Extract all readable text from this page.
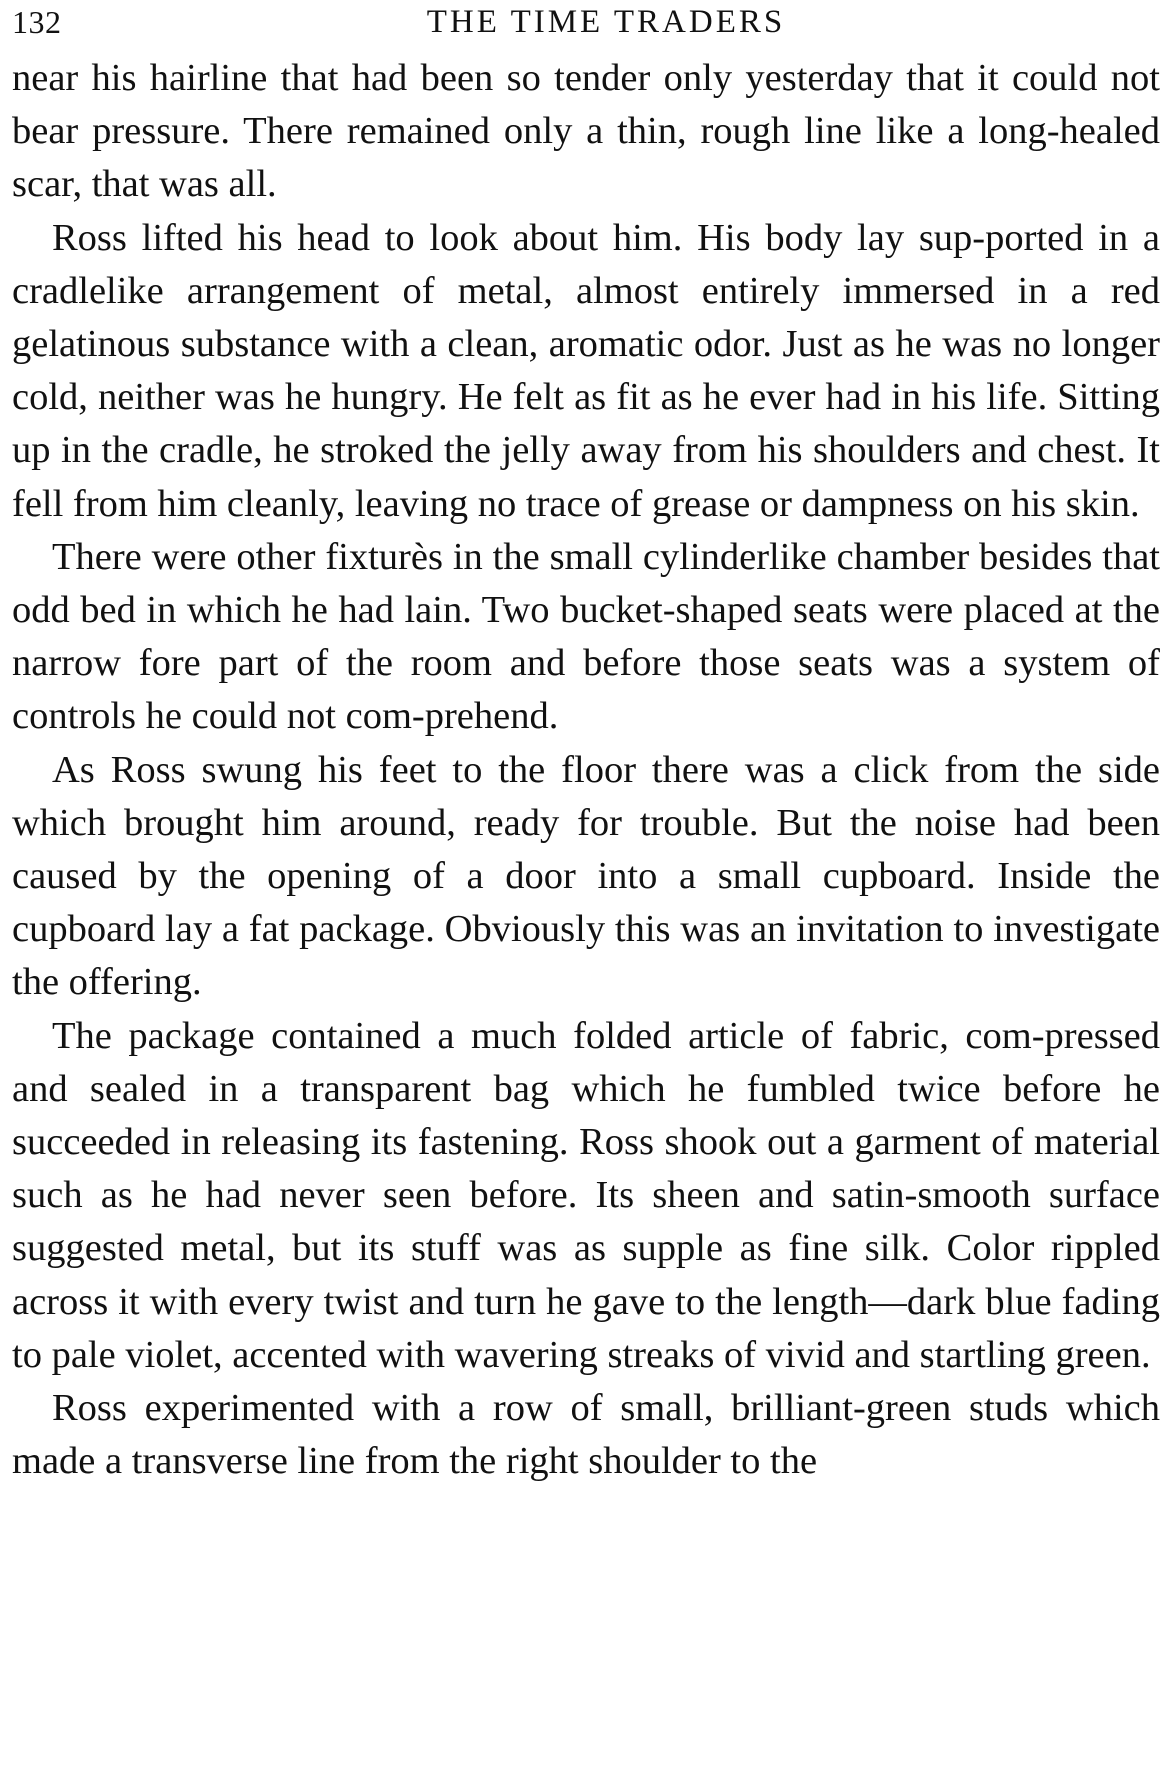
132	THE TIME TRADERS

near his hairline that had been so tender only yesterday that it could not bear pressure. There remained only a thin, rough line like a long-healed scar, that was all.

Ross lifted his head to look about him. His body lay sup-ported in a cradlelike arrangement of metal, almost entirely immersed in a red gelatinous substance with a clean, aromatic odor. Just as he was no longer cold, neither was he hungry. He felt as fit as he ever had in his life. Sitting up in the cradle, he stroked the jelly away from his shoulders and chest. It fell from him cleanly, leaving no trace of grease or dampness on his skin.

There were other fixturès in the small cylinderlike chamber besides that odd bed in which he had lain. Two bucket-shaped seats were placed at the narrow fore part of the room and before those seats was a system of controls he could not com-prehend.

As Ross swung his feet to the floor there was a click from the side which brought him around, ready for trouble. But the noise had been caused by the opening of a door into a small cupboard. Inside the cupboard lay a fat package. Obviously this was an invitation to investigate the offering.

The package contained a much folded article of fabric, com-pressed and sealed in a transparent bag which he fumbled twice before he succeeded in releasing its fastening. Ross shook out a garment of material such as he had never seen before. Its sheen and satin-smooth surface suggested metal, but its stuff was as supple as fine silk. Color rippled across it with every twist and turn he gave to the length—dark blue fading to pale violet, accented with wavering streaks of vivid and startling green.

Ross experimented with a row of small, brilliant-green studs which made a transverse line from the right shoulder to the
